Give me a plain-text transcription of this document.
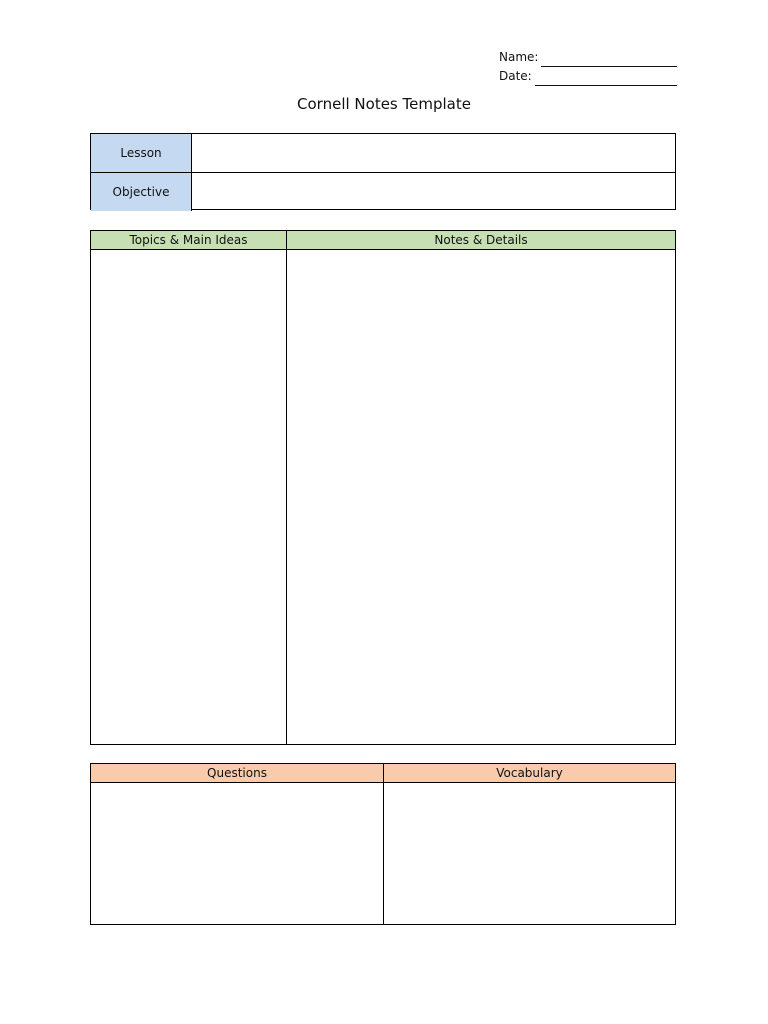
Name:
Date:
Cornell Notes Template
Lesson
Objective
Topics & Main Ideas	Notes & Details
Questions	Vocabulary
